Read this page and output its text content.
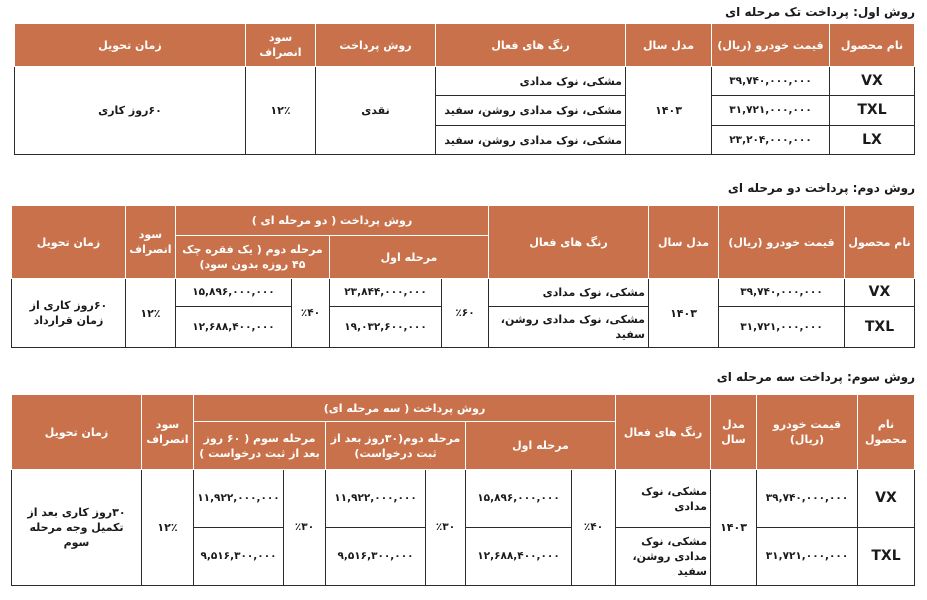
روش اول: پرداخت تک مرحله ای
نام محصول	قیمت خودرو (ریال)	مدل سال	رنگ های فعال	روش پرداخت	سود انصراف	زمان تحویل
VX	۳۹,۷۴۰,۰۰۰,۰۰۰	۱۴۰۳	مشکی، نوک مدادی	نقدی	۱۲٪	۶۰روز کاری
TXL	۳۱,۷۲۱,۰۰۰,۰۰۰		مشکی، نوک مدادی روشن، سفید			
LX	۲۳,۲۰۴,۰۰۰,۰۰۰		مشکی، نوک مدادی روشن، سفید			
روش دوم: پرداخت دو مرحله ای
نام محصول	قیمت خودرو (ریال)	مدل سال	رنگ های فعال	روش پرداخت ( دو مرحله ای )				سود انصراف	زمان تحویل
				مرحله اول		مرحله دوم ( یک فقره چک ۴۵ روزه بدون سود)			
VX	۳۹,۷۴۰,۰۰۰,۰۰۰	۱۴۰۳	مشکی، نوک مدادی	٪۶۰	۲۳,۸۴۴,۰۰۰,۰۰۰	٪۴۰	۱۵,۸۹۶,۰۰۰,۰۰۰	۱۲٪	۶۰روز کاری از زمان قرارداد
TXL	۳۱,۷۲۱,۰۰۰,۰۰۰		مشکی، نوک مدادی روشن، سفید		۱۹,۰۳۲,۶۰۰,۰۰۰		۱۲,۶۸۸,۴۰۰,۰۰۰		
روش سوم: پرداخت سه مرحله ای
نام محصول	قیمت خودرو (ریال)	مدل سال	رنگ های فعال	روش پرداخت ( سه مرحله ای)						سود انصراف	زمان تحویل
				مرحله اول		مرحله دوم(۳۰روز بعد از ثبت درخواست)		مرحله سوم ( ۶۰ روز بعد از ثبت درخواست )			
VX	۳۹,۷۴۰,۰۰۰,۰۰۰	۱۴۰۳	مشکی، نوک مدادی	٪۴۰	۱۵,۸۹۶,۰۰۰,۰۰۰	٪۳۰	۱۱,۹۲۲,۰۰۰,۰۰۰	٪۳۰	۱۱,۹۲۲,۰۰۰,۰۰۰	۱۲٪	۳۰روز کاری بعد از تکمیل وجه مرحله سوم
TXL	۳۱,۷۲۱,۰۰۰,۰۰۰		مشکی، نوک مدادی روشن، سفید		۱۲,۶۸۸,۴۰۰,۰۰۰		۹,۵۱۶,۳۰۰,۰۰۰		۹,۵۱۶,۳۰۰,۰۰۰		
